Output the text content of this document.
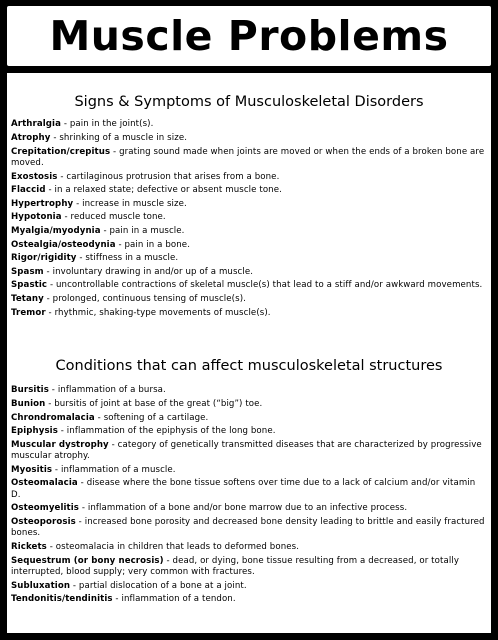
Muscle Problems
Signs & Symptoms of Musculoskeletal Disorders
Arthralgia - pain in the joint(s).
Atrophy - shrinking of a muscle in size.
Crepitation/crepitus - grating sound made when joints are moved or when the ends of a broken bone are moved.
Exostosis - cartilaginous protrusion that arises from a bone.
Flaccid - in a relaxed state; defective or absent muscle tone.
Hypertrophy - increase in muscle size.
Hypotonia - reduced muscle tone.
Myalgia/myodynia - pain in a muscle.
Ostealgia/osteodynia - pain in a bone.
Rigor/rigidity - stiffness in a muscle.
Spasm - involuntary drawing in and/or up of a muscle.
Spastic - uncontrollable contractions of skeletal muscle(s) that lead to a stiff and/or awkward movements.
Tetany - prolonged, continuous tensing of muscle(s).
Tremor - rhythmic, shaking-type movements of muscle(s).
Conditions that can affect musculoskeletal structures
Bursitis - inflammation of a bursa.
Bunion - bursitis of joint at base of the great (“big”) toe.
Chrondromalacia - softening of a cartilage.
Epiphysis - inflammation of the epiphysis of the long bone.
Muscular dystrophy - category of genetically transmitted diseases that are characterized by progressive muscular atrophy.
Myositis - inflammation of a muscle.
Osteomalacia - disease where the bone tissue softens over time due to a lack of calcium and/or vitamin D.
Osteomyelitis - inflammation of a bone and/or bone marrow due to an infective process.
Osteoporosis - increased bone porosity and decreased bone density leading to brittle and easily fractured bones.
Rickets - osteomalacia in children that leads to deformed bones.
Sequestrum (or bony necrosis) - dead, or dying, bone tissue resulting from a decreased, or totally interrupted, blood supply; very common with fractures.
Subluxation - partial dislocation of a bone at a joint.
Tendonitis/tendinitis - inflammation of a tendon.
